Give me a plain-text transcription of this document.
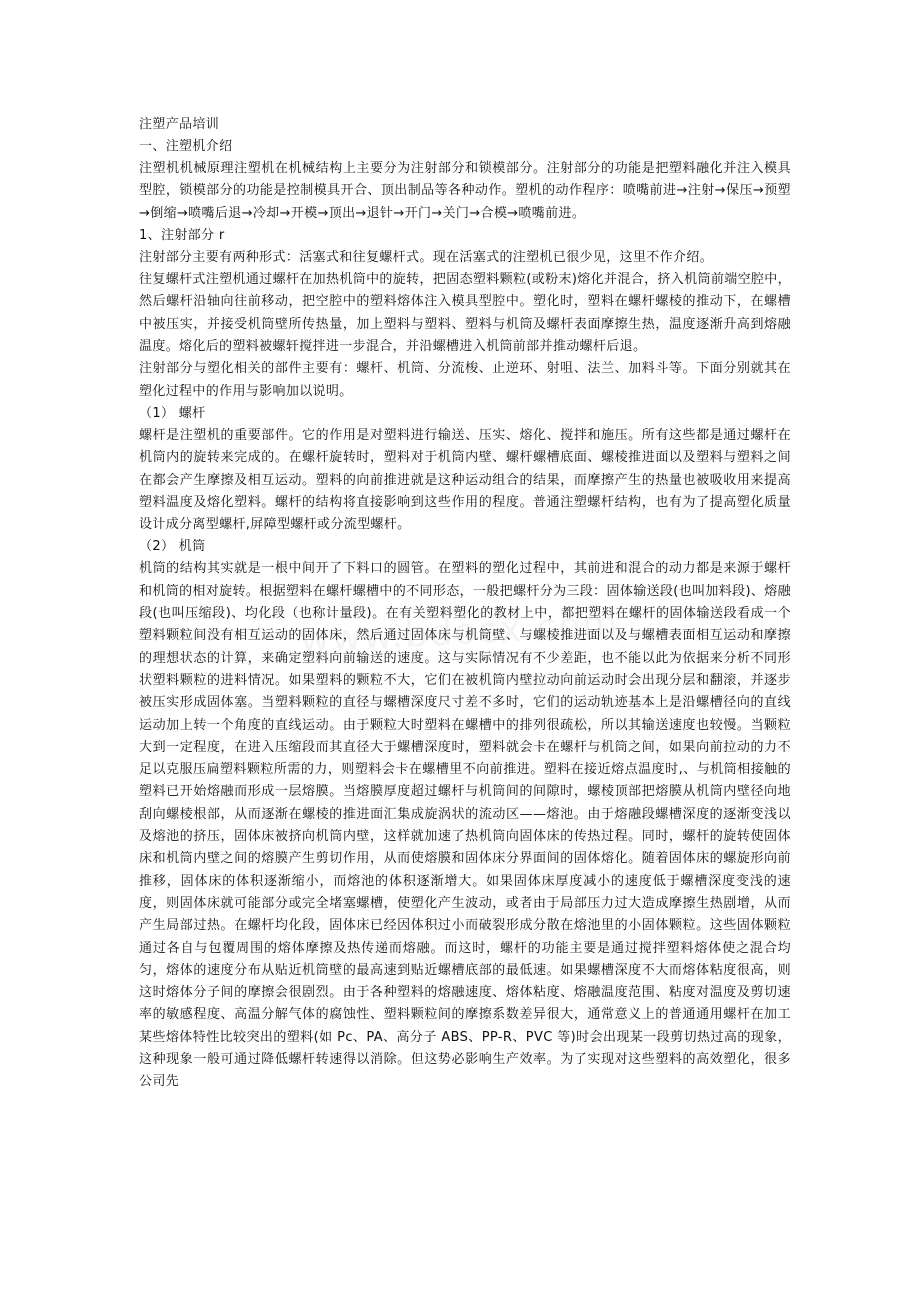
注塑产品培训
一、注塑机介绍

注塑机机械原理注塑机在机械结构上主要分为注射部分和锁模部分。注射部分的功能是把塑料融化并注入模具型腔，锁模部分的功能是控制模具开合、顶出制品等各种动作。塑机的动作程序：喷嘴前进→注射→保压→预塑→倒缩→喷嘴后退→冷却→开模→顶出→退针→开门→关门→合模→喷嘴前进。

1、注射部分 r

注射部分主要有两种形式：活塞式和往复螺杆式。现在活塞式的注塑机已很少见，这里不作介绍。

往复螺杆式注塑机通过螺杆在加热机筒中的旋转，把固态塑料颗粒(或粉末)熔化并混合，挤入机筒前端空腔中，然后螺杆沿轴向往前移动，把空腔中的塑料熔体注入模具型腔中。塑化时，塑料在螺杆螺棱的推动下，在螺槽中被压实，并接受机筒壁所传热量，加上塑料与塑料、塑料与机筒及螺杆表面摩擦生热，温度逐渐升高到熔融温度。熔化后的塑料被螺轩搅拌进一步混合，并沿螺槽进入机筒前部并推动螺杆后退。

注射部分与塑化相关的部件主要有：螺杆、机筒、分流梭、止逆环、射咀、法兰、加料斗等。下面分别就其在塑化过程中的作用与影响加以说明。

（1） 螺杆

螺杆是注塑机的重要部件。它的作用是对塑料进行输送、压实、熔化、搅拌和施压。所有这些都是通过螺杆在机筒内的旋转来完成的。在螺杆旋转时，塑料对于机筒内壁、螺杆螺槽底面、螺棱推进面以及塑料与塑料之间在都会产生摩擦及相互运动。塑料的向前推进就是这种运动组合的结果，而摩擦产生的热量也被吸收用来提高塑料温度及熔化塑料。螺杆的结构将直接影响到这些作用的程度。普通注塑螺杆结构，也有为了提高塑化质量设计成分离型螺杆,屏障型螺杆或分流型螺杆。

（2） 机筒

机筒的结构其实就是一根中间开了下料口的圆管。在塑料的塑化过程中，其前进和混合的动力都是来源于螺杆和机筒的相对旋转。根据塑料在螺杆螺槽中的不同形态，一般把螺杆分为三段：固体输送段(也叫加料段)、熔融段(也叫压缩段)、均化段（也称计量段)。在有关塑料塑化的教材上中，都把塑料在螺杆的固体输送段看成一个塑料颗粒间没有相互运动的固体床，然后通过固体床与机筒壁、与螺棱推进面以及与螺槽表面相互运动和摩擦的理想状态的计算，来确定塑料向前输送的速度。这与实际情况有不少差距，也不能以此为依据来分析不同形状塑料颗粒的进料情况。如果塑料的颗粒不大，它们在被机筒内壁拉动向前运动时会出现分层和翻滚，并逐步被压实形成固体塞。当塑料颗粒的直径与螺槽深度尺寸差不多时，它们的运动轨迹基本上是沿螺槽径向的直线运动加上转一个角度的直线运动。由于颗粒大时塑料在螺槽中的排列很疏松，所以其输送速度也较慢。当颗粒大到一定程度，在进入压缩段而其直径大于螺槽深度时，塑料就会卡在螺杆与机筒之间，如果向前拉动的力不足以克服压扁塑料颗粒所需的力，则塑料会卡在螺槽里不向前推进。塑料在接近熔点温度时,、与机筒相接触的塑料已开始熔融而形成一层熔膜。当熔膜厚度超过螺杆与机筒间的间隙时，螺棱顶部把熔膜从机筒内壁径向地刮向螺棱根部，从而逐渐在螺棱的推进面汇集成旋涡状的流动区——熔池。由于熔融段螺槽深度的逐渐变浅以及熔池的挤压，固体床被挤向机筒内壁，这样就加速了热机筒向固体床的传热过程。同时，螺杆的旋转使固体床和机筒内壁之间的熔膜产生剪切作用，从而使熔膜和固体床分界面间的固体熔化。随着固体床的螺旋形向前推移，固体床的体积逐渐缩小，而熔池的体积逐渐增大。如果固体床厚度减小的速度低于螺槽深度变浅的速度，则固体床就可能部分或完全堵塞螺槽，使塑化产生波动，或者由于局部压力过大造成摩擦生热剧增，从而产生局部过热。在螺杆均化段，固体床已经因体积过小而破裂形成分散在熔池里的小固体颗粒。这些固体颗粒通过各自与包覆周围的熔体摩擦及热传递而熔融。而这时，螺杆的功能主要是通过搅拌塑料熔体使之混合均匀，熔体的速度分布从贴近机筒壁的最高速到贴近螺槽底部的最低速。如果螺槽深度不大而熔体粘度很高，则这时熔体分子间的摩擦会很剧烈。由于各种塑料的熔融速度、熔体粘度、熔融温度范围、粘度对温度及剪切速率的敏感程度、高温分解气体的腐蚀性、塑料颗粒间的摩擦系数差异很大，通常意义上的普通通用螺杆在加工某些熔体特性比较突出的塑料(如 Pc、PA、高分子 ABS、PP-R、PVC 等)时会出现某一段剪切热过高的现象，这种现象一般可通过降低螺杆转速得以消除。但这势必影响生产效率。为了实现对这些塑料的高效塑化，很多公司先
